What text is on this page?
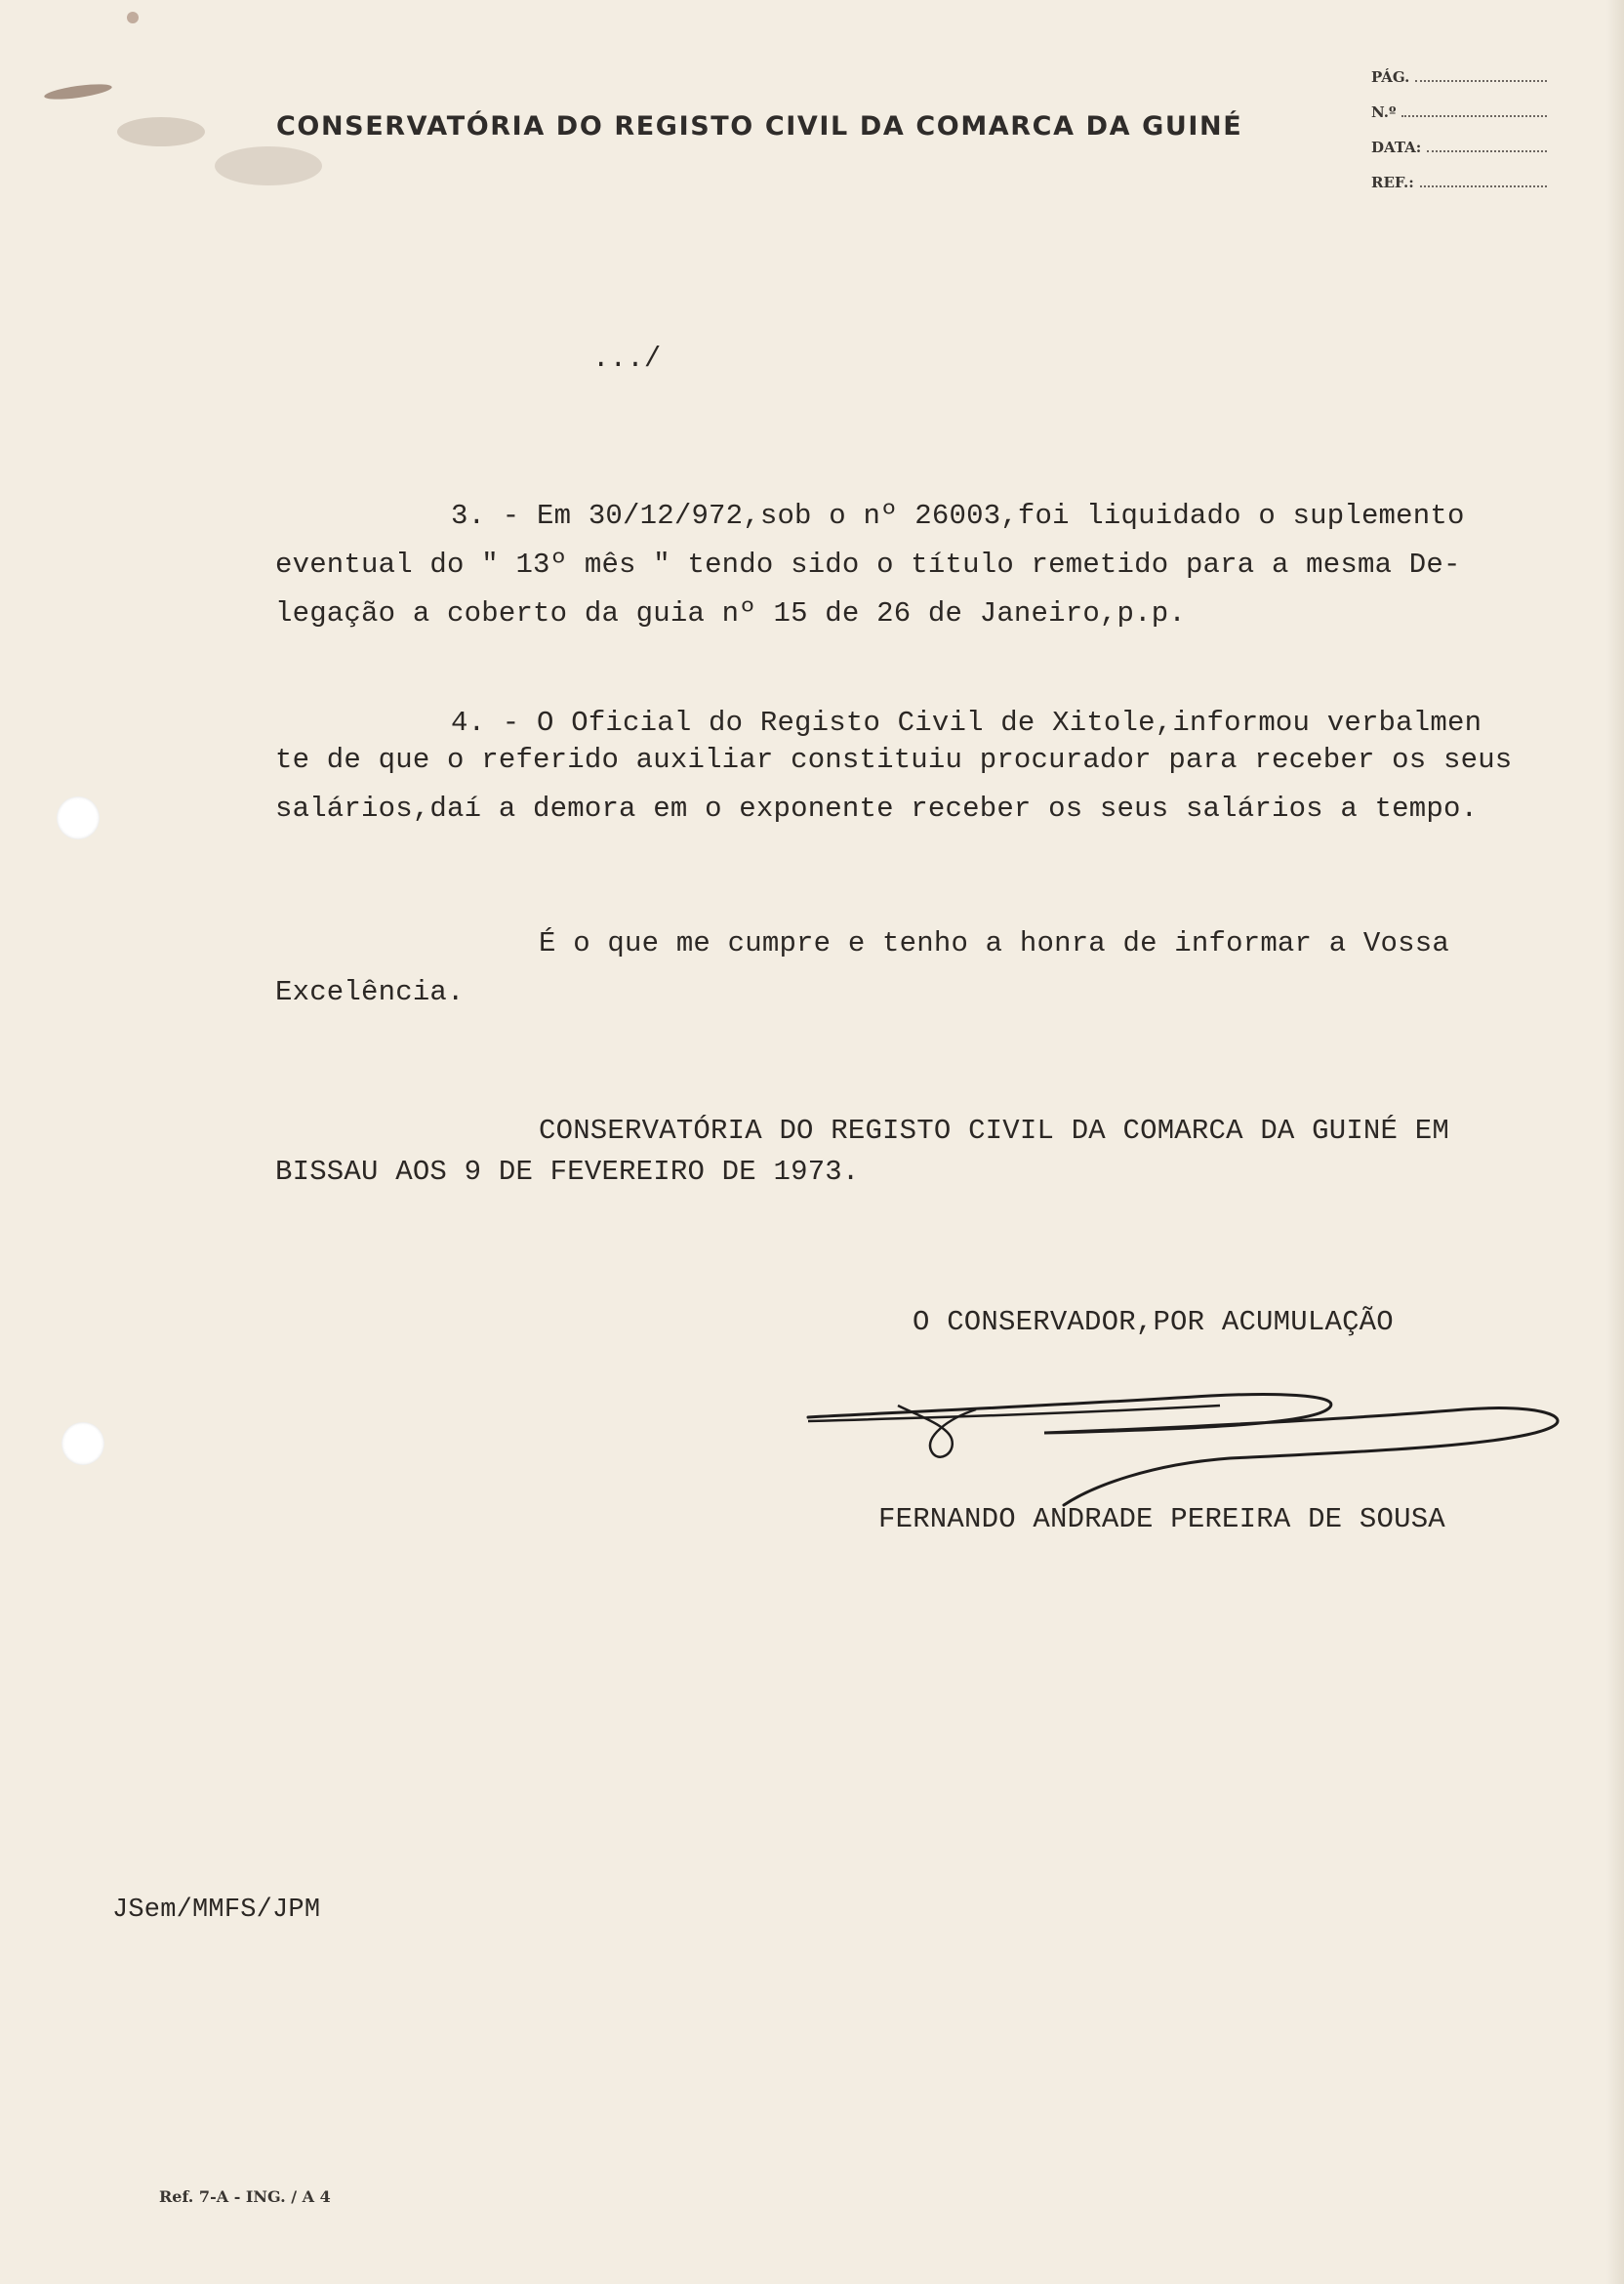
CONSERVATÓRIA DO REGISTO CIVIL DA COMARCA DA GUINÉ
PÁG.
N.º
DATA:
REF.:
.../
3. - Em 30/12/972,sob o nº 26003,foi liquidado o suplemento
eventual do " 13º mês " tendo sido o título remetido para a mesma De-
legação a coberto da guia nº 15 de 26 de Janeiro,p.p.
4. - O Oficial do Registo Civil de Xitole,informou verbalmen
te de que o referido auxiliar constituiu procurador para receber os seus
salários,daí a demora em o exponente receber os seus salários a tempo.
É o que me cumpre e tenho a honra de informar a Vossa
Excelência.
CONSERVATÓRIA DO REGISTO CIVIL DA COMARCA DA GUINÉ EM
BISSAU AOS 9 DE FEVEREIRO DE 1973.
O CONSERVADOR,POR ACUMULAÇÃO
FERNANDO ANDRADE PEREIRA DE SOUSA
JSem/MMFS/JPM
Ref. 7-A - ING. / A 4
